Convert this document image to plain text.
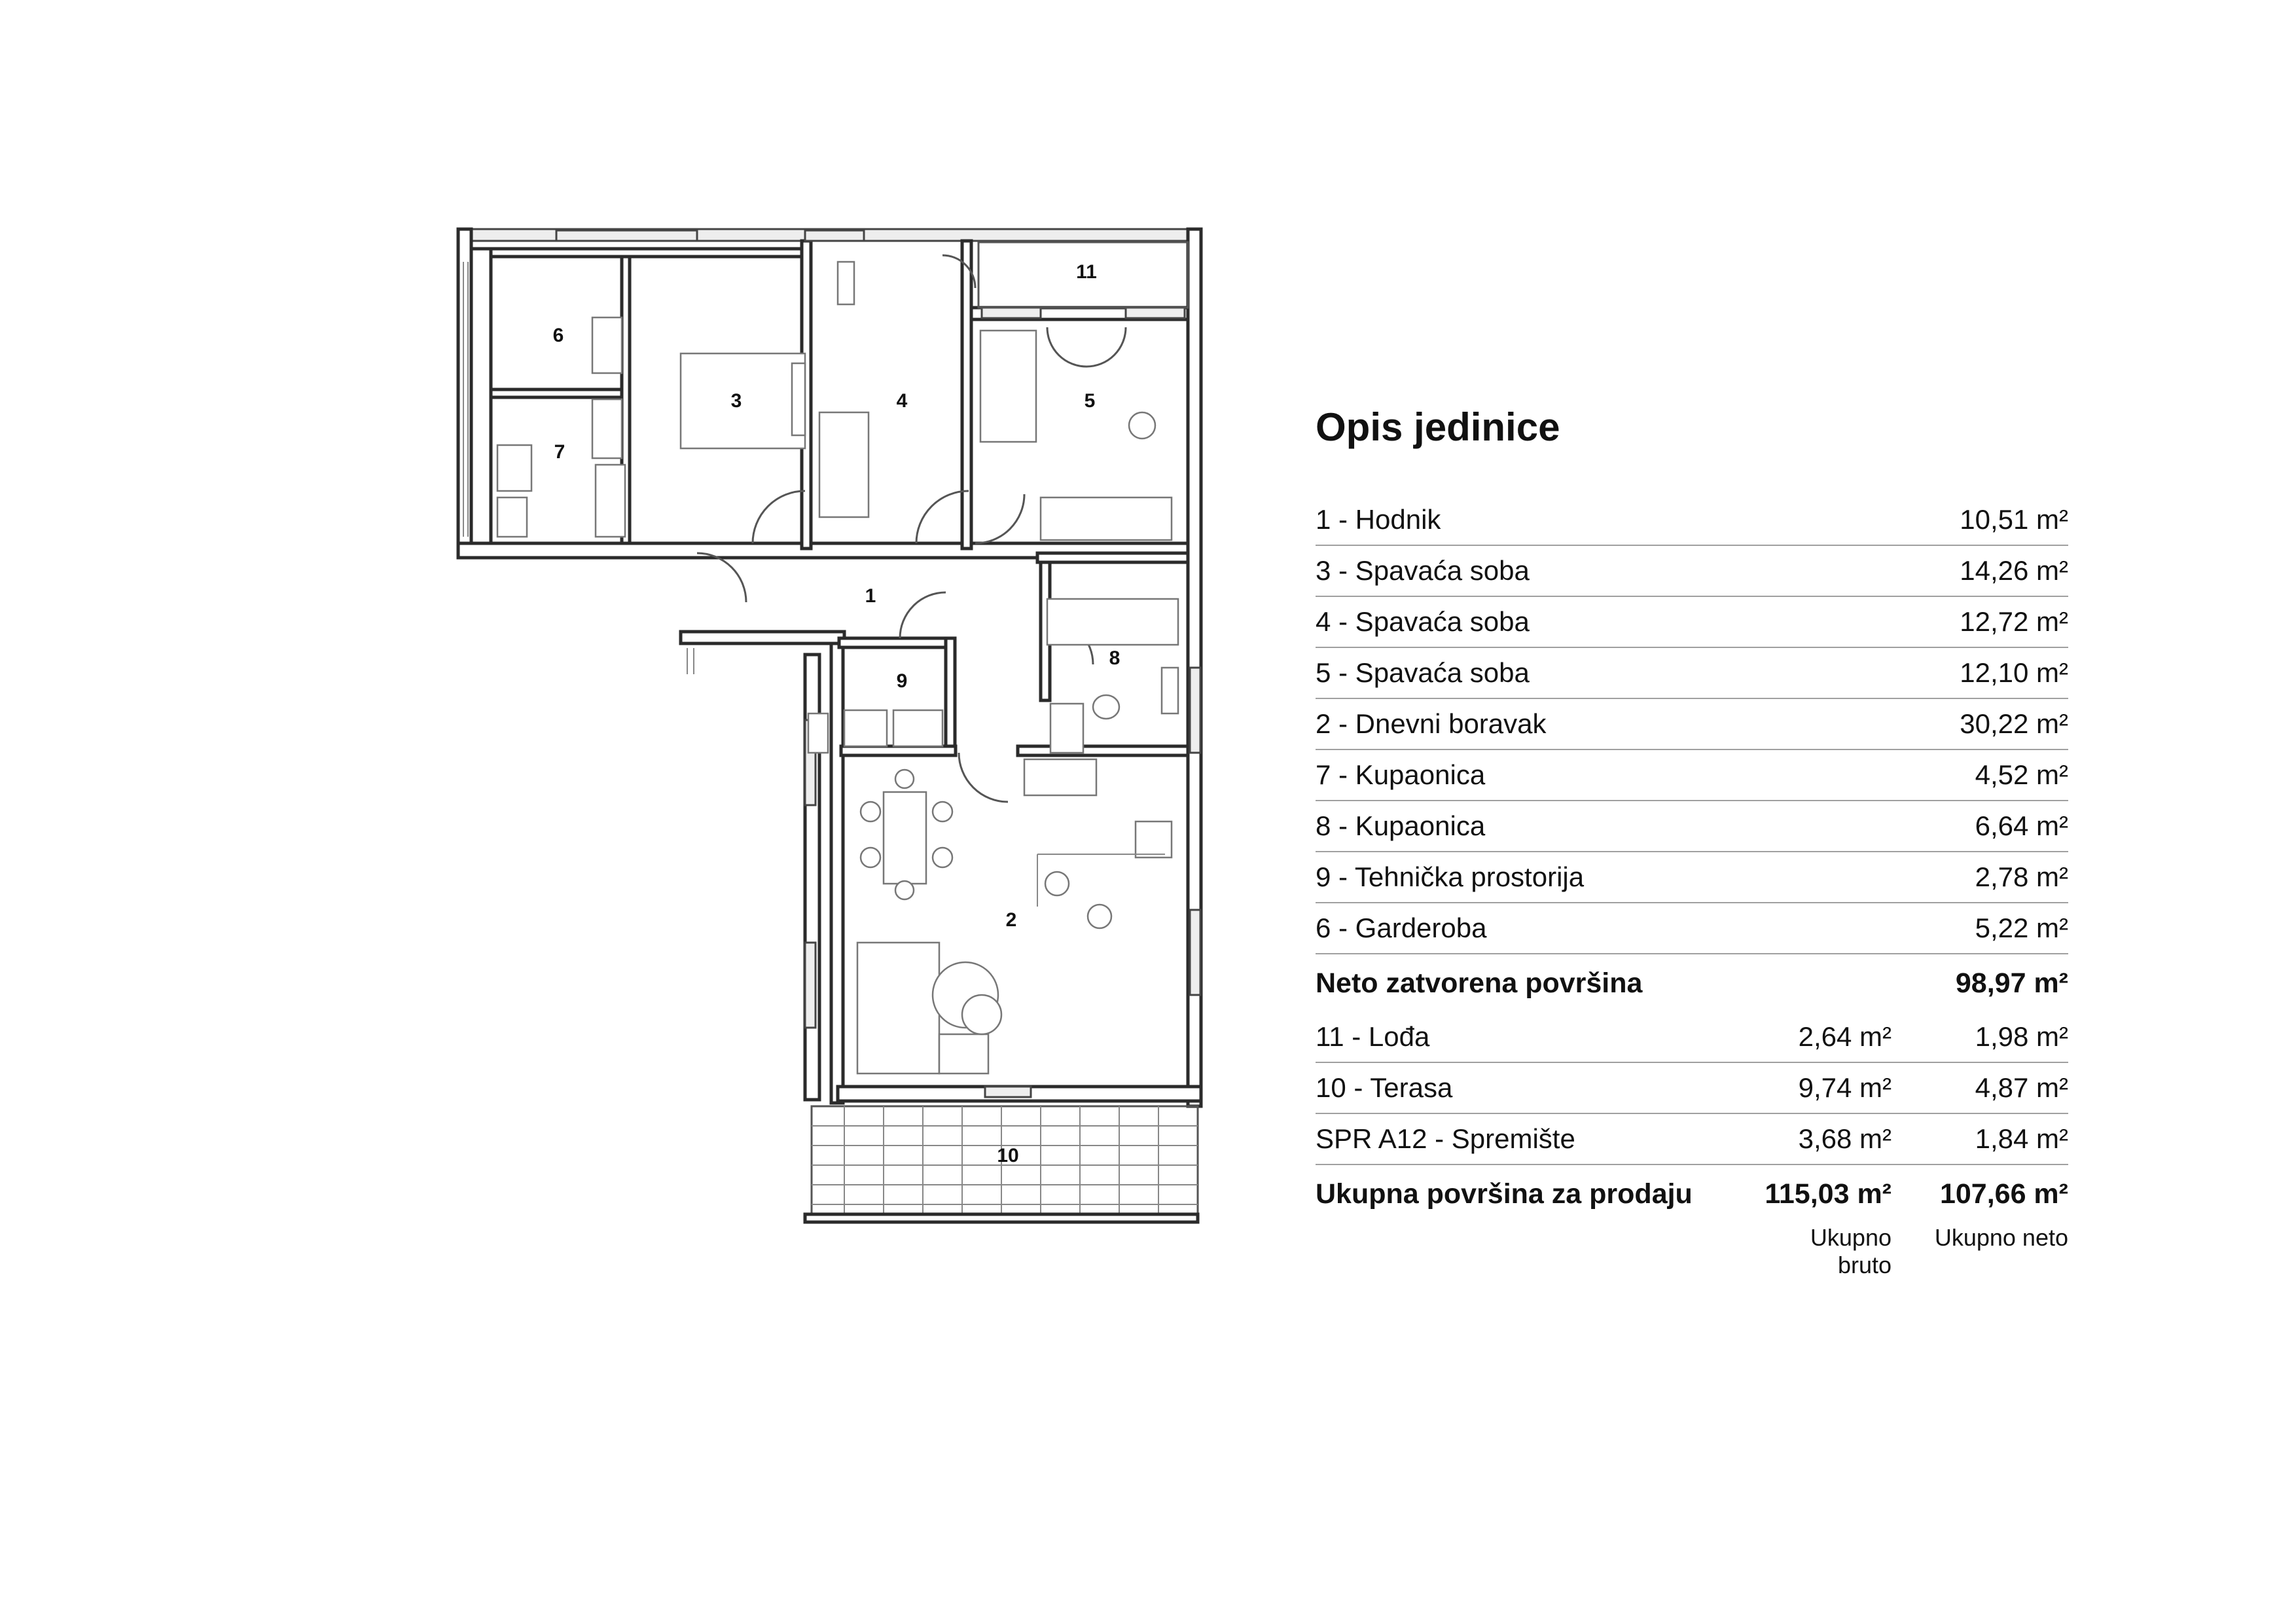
1
2
3	4	5
6
7
8
9
10
11
Opis jedinice
1 - Hodnik	10,51 m²
3 - Spavaća soba	14,26 m²
4 - Spavaća soba	12,72 m²
5 - Spavaća soba	12,10 m²
2 - Dnevni boravak	30,22 m²
7 - Kupaonica	4,52 m²
8 - Kupaonica	6,64 m²
9 - Tehnička prostorija	2,78 m²
6 - Garderoba	5,22 m²
Neto zatvorena površina	98,97 m²
11 - Lođa	2,64 m²	1,98 m²
10 - Terasa	9,74 m²	4,87 m²
SPR A12 - Spremište	3,68 m²	1,84 m²
Ukupna površina za prodaju	115,03 m²	107,66 m²
Ukupno bruto
Ukupno neto
